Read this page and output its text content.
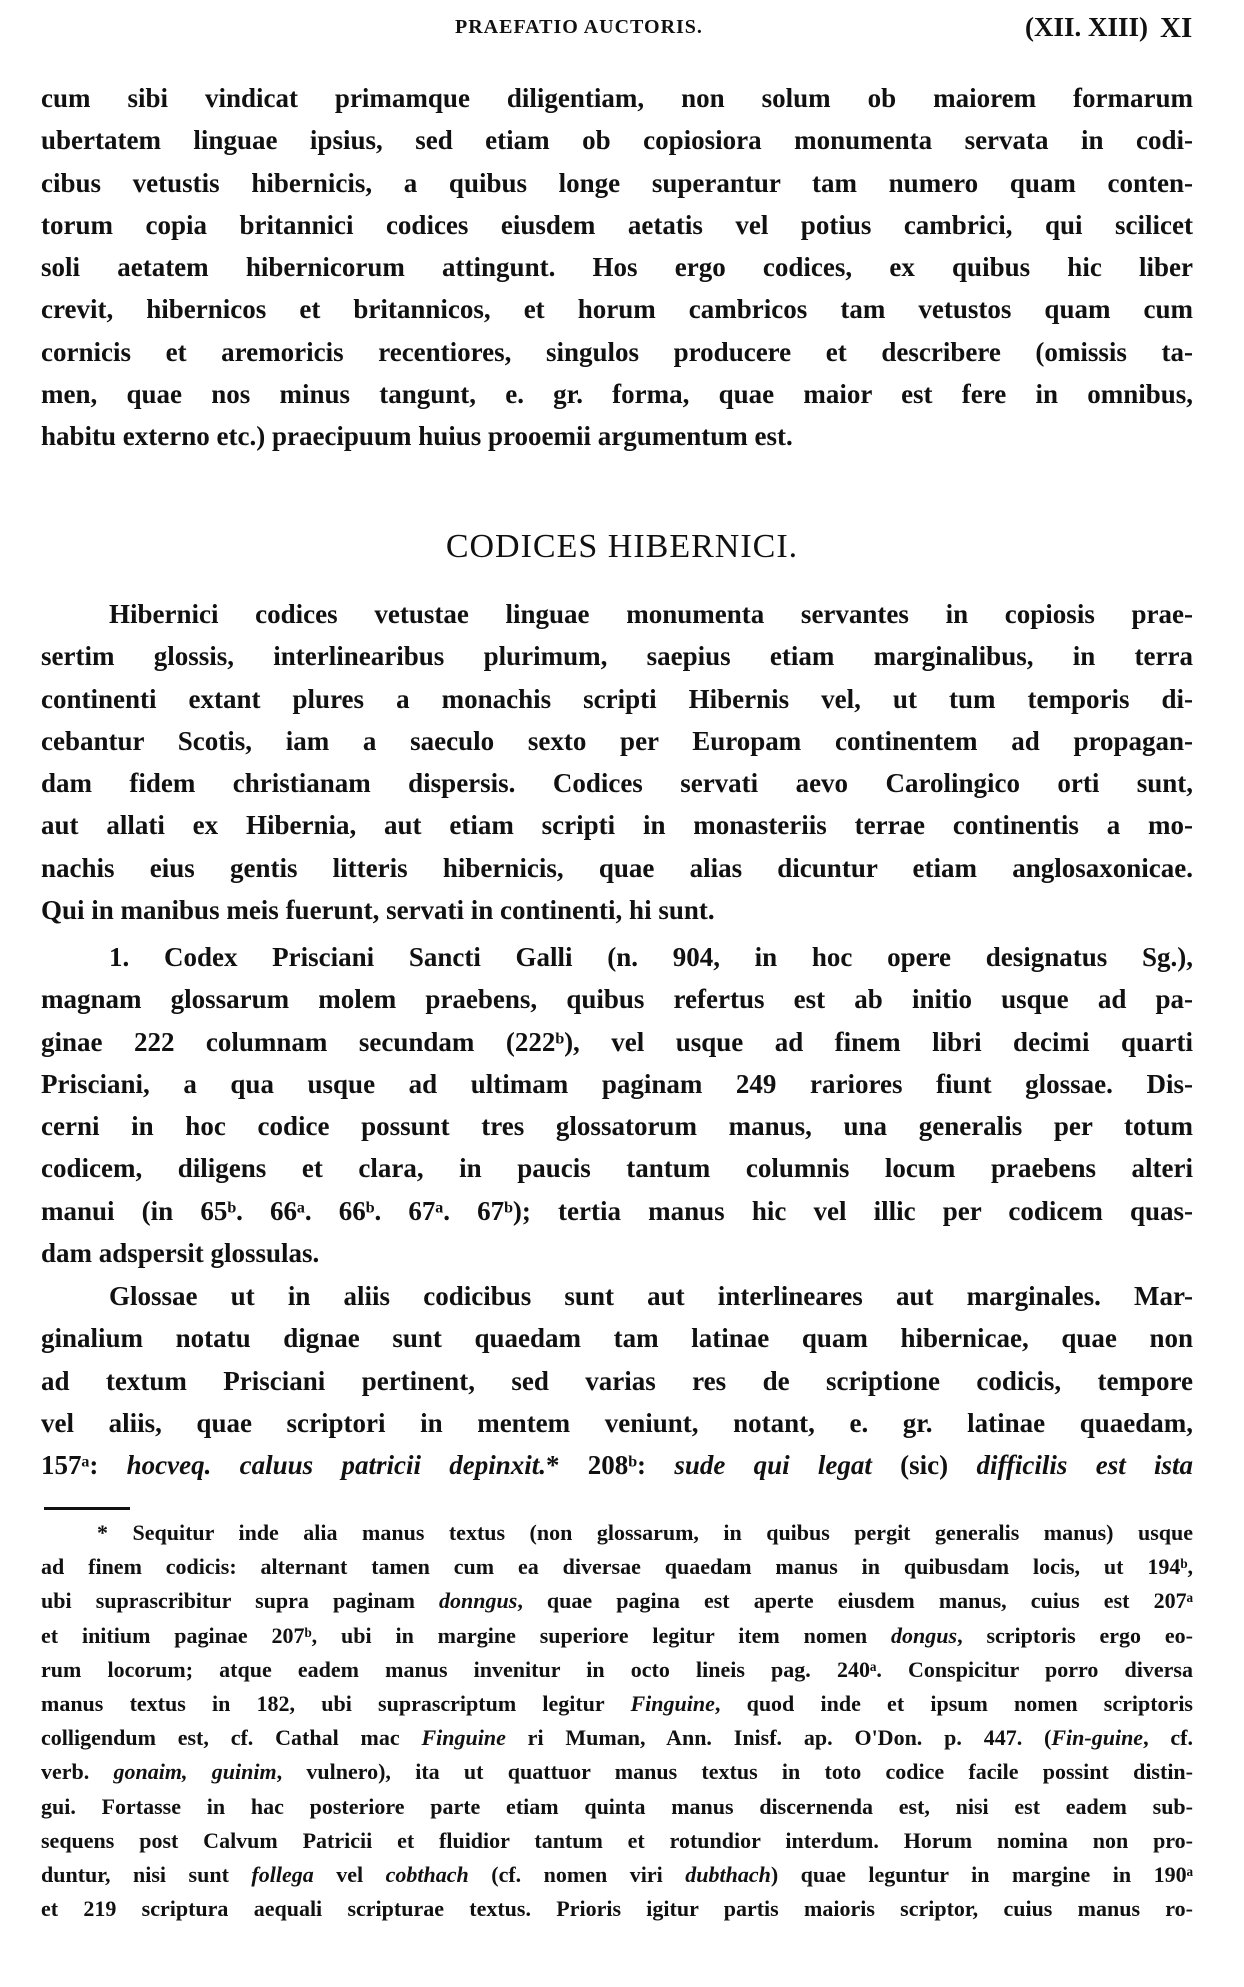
PRAEFATIO AUCTORIS.	(XII. XIII) XI
cum sibi vindicat primamque diligentiam, non solum ob maiorem formarum
ubertatem linguae ipsius, sed etiam ob copiosiora monumenta servata in codi-
cibus vetustis hibernicis, a quibus longe superantur tam numero quam conten-
torum copia britannici codices eiusdem aetatis vel potius cambrici, qui scilicet
soli aetatem hibernicorum attingunt. Hos ergo codices, ex quibus hic liber
crevit, hibernicos et britannicos, et horum cambricos tam vetustos quam cum
cornicis et aremoricis recentiores, singulos producere et describere (omissis ta-
men, quae nos minus tangunt, e. gr. forma, quae maior est fere in omnibus,
habitu externo etc.) praecipuum huius prooemii argumentum est.
CODICES HIBERNICI.
Hibernici codices vetustae linguae monumenta servantes in copiosis prae-
sertim glossis, interlinearibus plurimum, saepius etiam marginalibus, in terra
continenti extant plures a monachis scripti Hibernis vel, ut tum temporis di-
cebantur Scotis, iam a saeculo sexto per Europam continentem ad propagan-
dam fidem christianam dispersis. Codices servati aevo Carolingico orti sunt,
aut allati ex Hibernia, aut etiam scripti in monasteriis terrae continentis a mo-
nachis eius gentis litteris hibernicis, quae alias dicuntur etiam anglosaxonicae.
Qui in manibus meis fuerunt, servati in continenti, hi sunt.
1. Codex Prisciani Sancti Galli (n. 904, in hoc opere designatus Sg.),
magnam glossarum molem praebens, quibus refertus est ab initio usque ad pa-
ginae 222 columnam secundam (222ᵇ), vel usque ad finem libri decimi quarti
Prisciani, a qua usque ad ultimam paginam 249 rariores fiunt glossae. Dis-
cerni in hoc codice possunt tres glossatorum manus, una generalis per totum
codicem, diligens et clara, in paucis tantum columnis locum praebens alteri
manui (in 65ᵇ. 66ᵃ. 66ᵇ. 67ᵃ. 67ᵇ); tertia manus hic vel illic per codicem quas-
dam adspersit glossulas.
Glossae ut in aliis codicibus sunt aut interlineares aut marginales. Mar-
ginalium notatu dignae sunt quaedam tam latinae quam hibernicae, quae non
ad textum Prisciani pertinent, sed varias res de scriptione codicis, tempore
vel aliis, quae scriptori in mentem veniunt, notant, e. gr. latinae quaedam,
157ᵃ: hocveq. caluus patricii depinxit.* 208ᵇ: sude qui legat (sic) difficilis est ista
* Sequitur inde alia manus textus (non glossarum, in quibus pergit generalis manus) usque
ad finem codicis: alternant tamen cum ea diversae quaedam manus in quibusdam locis, ut 194ᵇ,
ubi suprascribitur supra paginam donngus, quae pagina est aperte eiusdem manus, cuius est 207ᵃ
et initium paginae 207ᵇ, ubi in margine superiore legitur item nomen dongus, scriptoris ergo eo-
rum locorum; atque eadem manus invenitur in octo lineis pag. 240ᵃ. Conspicitur porro diversa
manus textus in 182, ubi suprascriptum legitur Finguine, quod inde et ipsum nomen scriptoris
colligendum est, cf. Cathal mac Finguine ri Muman, Ann. Inisf. ap. O'Don. p. 447. (Fin-guine, cf.
verb. gonaim, guinim, vulnero), ita ut quattuor manus textus in toto codice facile possint distin-
gui. Fortasse in hac posteriore parte etiam quinta manus discernenda est, nisi est eadem sub-
sequens post Calvum Patricii et fluidior tantum et rotundior interdum. Horum nomina non pro-
duntur, nisi sunt follega vel cobthach (cf. nomen viri dubthach) quae leguntur in margine in 190ᵃ
et 219 scriptura aequali scripturae textus. Prioris igitur partis maioris scriptor, cuius manus ro-
